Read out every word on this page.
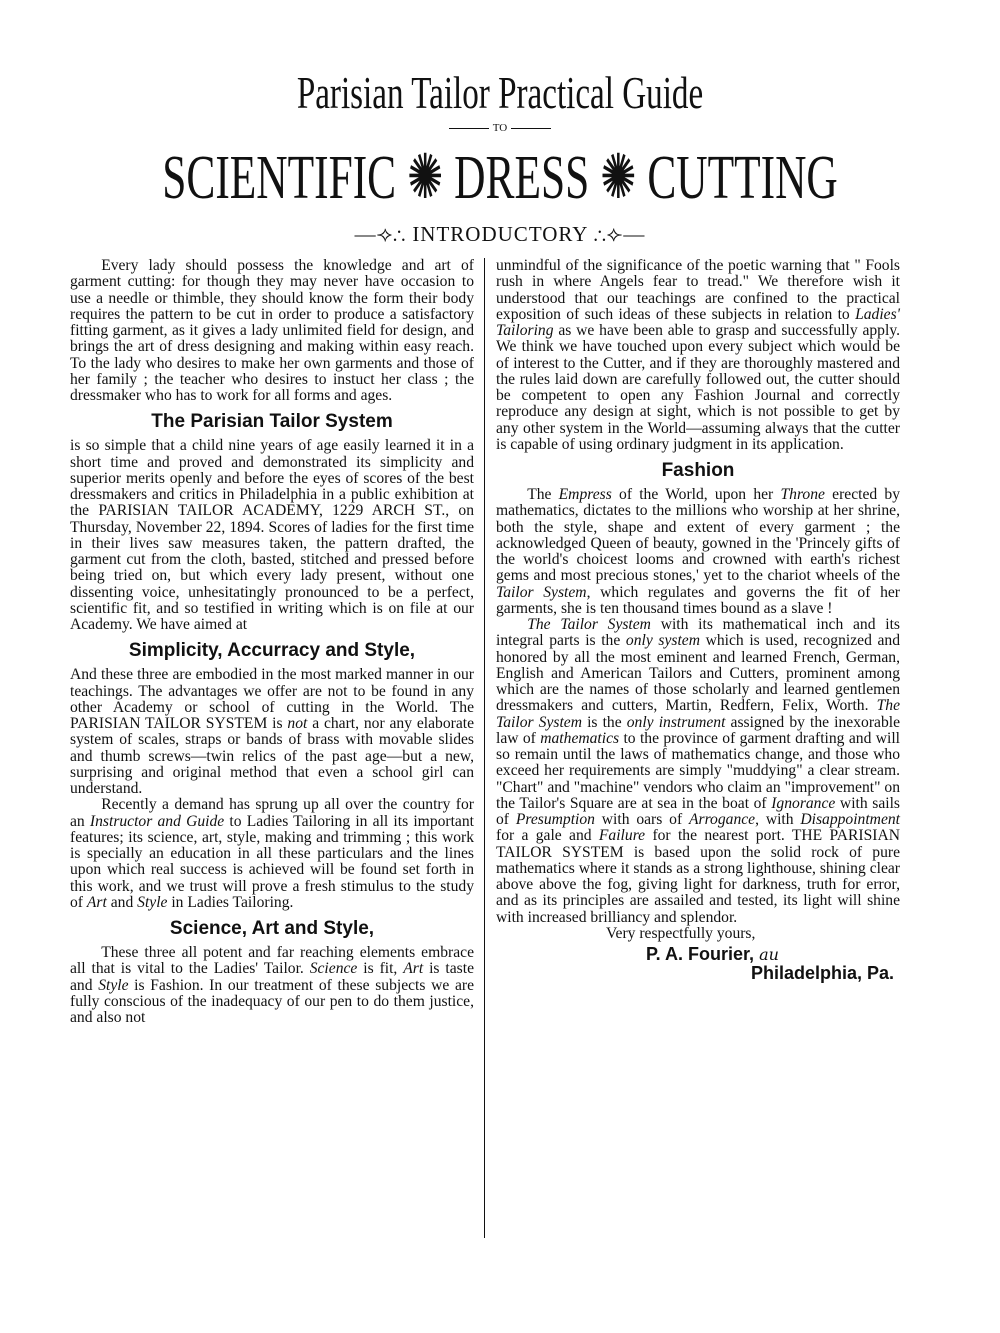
Parisian Tailor Practical Guide
TO
SCIENTIFIC ✺ DRESS ✺ CUTTING
—⟢∴ INTRODUCTORY ∴⟣—

Every lady should possess the knowledge and art of garment cutting: for though they may never have occasion to use a needle or thimble, they should know the form their body requires the pattern to be cut in order to produce a satisfactory fitting garment, as it gives a lady unlimited field for design, and brings the art of dress designing and making within easy reach. To the lady who desires to make her own garments and those of her family ; the teacher who desires to instuct her class ; the dressmaker who has to work for all forms and ages.

The Parisian Tailor System

is so simple that a child nine years of age easily learned it in a short time and proved and demonstrated its simplicity and superior merits openly and before the eyes of scores of the best dressmakers and critics in Philadelphia in a public exhibition at the PARISIAN TAILOR ACADEMY, 1229 ARCH ST., on Thursday, November 22, 1894. Scores of ladies for the first time in their lives saw measures taken, the pattern drafted, the garment cut from the cloth, basted, stitched and pressed before being tried on, but which every lady present, without one dissenting voice, unhesitatingly pronounced to be a perfect, scientific fit, and so testified in writing which is on file at our Academy. We have aimed at

Simplicity, Accurracy and Style,

And these three are embodied in the most marked manner in our teachings. The advantages we offer are not to be found in any other Academy or school of cutting in the World. The PARISIAN TAILOR SYSTEM is not a chart, nor any elaborate system of scales, straps or bands of brass with movable slides and thumb screws—twin relics of the past age—but a new, surprising and original method that even a school girl can understand.

Recently a demand has sprung up all over the country for an Instructor and Guide to Ladies Tailoring in all its important features; its science, art, style, making and trimming ; this work is specially an education in all these particulars and the lines upon which real success is achieved will be found set forth in this work, and we trust will prove a fresh stimulus to the study of Art and Style in Ladies Tailoring.

Science, Art and Style,

These three all potent and far reaching elements embrace all that is vital to the Ladies' Tailor. Science is fit, Art is taste and Style is Fashion. In our treatment of these subjects we are fully conscious of the inadequacy of our pen to do them justice, and also not

unmindful of the significance of the poetic warning that " Fools rush in where Angels fear to tread." We therefore wish it understood that our teachings are confined to the practical exposition of such ideas of these subjects in relation to Ladies' Tailoring as we have been able to grasp and successfully apply. We think we have touched upon every subject which would be of interest to the Cutter, and if they are thoroughly mastered and the rules laid down are carefully followed out, the cutter should be competent to open any Fashion Journal and correctly reproduce any design at sight, which is not possible to get by any other system in the World—assuming always that the cutter is capable of using ordinary judgment in its application.

Fashion

The Empress of the World, upon her Throne erected by mathematics, dictates to the millions who worship at her shrine, both the style, shape and extent of every garment ; the acknowledged Queen of beauty, gowned in the 'Princely gifts of the world's choicest looms and crowned with earth's richest gems and most precious stones,' yet to the chariot wheels of the Tailor System, which regulates and governs the fit of her garments, she is ten thousand times bound as a slave !

The Tailor System with its mathematical inch and its integral parts is the only system which is used, recognized and honored by all the most eminent and learned French, German, English and American Tailors and Cutters, prominent among which are the names of those scholarly and learned gentlemen dressmakers and cutters, Martin, Redfern, Felix, Worth. The Tailor System is the only instrument assigned by the inexorable law of mathematics to the province of garment drafting and will so remain until the laws of mathematics change, and those who exceed her requirements are simply "muddying" a clear stream. "Chart" and "machine" vendors who claim an "improvement" on the Tailor's Square are at sea in the boat of Ignorance with sails of Presumption with oars of Arrogance, with Disappointment for a gale and Failure for the nearest port. THE PARISIAN TAILOR SYSTEM is based upon the solid rock of pure mathematics where it stands as a strong lighthouse, shining clear above above the fog, giving light for darkness, truth for error, and as its principles are assailed and tested, its light will shine with increased brilliancy and splendor.

Very respectfully yours,

P. A. Fourier, au
Philadelphia, Pa.
